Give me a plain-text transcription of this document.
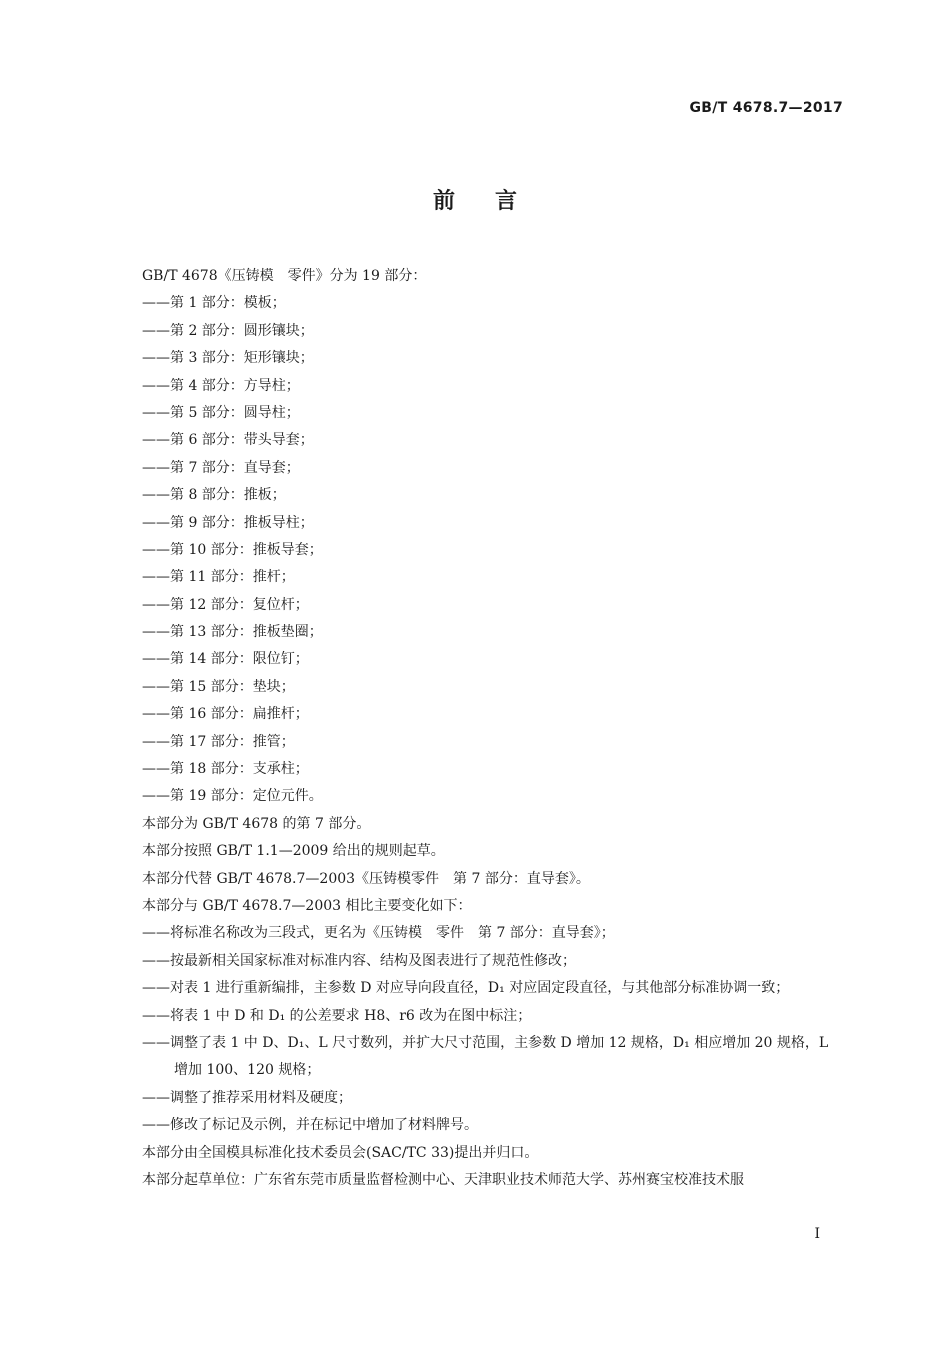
GB/T 4678.7—2017
前言
GB/T 4678《压铸模　零件》分为 19 部分：
——第 1 部分：模板；
——第 2 部分：圆形镶块；
——第 3 部分：矩形镶块；
——第 4 部分：方导柱；
——第 5 部分：圆导柱；
——第 6 部分：带头导套；
——第 7 部分：直导套；
——第 8 部分：推板；
——第 9 部分：推板导柱；
——第 10 部分：推板导套；
——第 11 部分：推杆；
——第 12 部分：复位杆；
——第 13 部分：推板垫圈；
——第 14 部分：限位钉；
——第 15 部分：垫块；
——第 16 部分：扁推杆；
——第 17 部分：推管；
——第 18 部分：支承柱；
——第 19 部分：定位元件。
本部分为 GB/T 4678 的第 7 部分。
本部分按照 GB/T 1.1—2009 给出的规则起草。
本部分代替 GB/T 4678.7—2003《压铸模零件　第 7 部分：直导套》。
本部分与 GB/T 4678.7—2003 相比主要变化如下：
——将标准名称改为三段式，更名为《压铸模　零件　第 7 部分：直导套》；
——按最新相关国家标准对标准内容、结构及图表进行了规范性修改；
——对表 1 进行重新编排，主参数 D 对应导向段直径，D₁ 对应固定段直径，与其他部分标准协调一致；
——将表 1 中 D 和 D₁ 的公差要求 H8、r6 改为在图中标注；
——调整了表 1 中 D、D₁、L 尺寸数列，并扩大尺寸范围，主参数 D 增加 12 规格，D₁ 相应增加 20 规格，L 增加 100、120 规格；
——调整了推荐采用材料及硬度；
——修改了标记及示例，并在标记中增加了材料牌号。
本部分由全国模具标准化技术委员会(SAC/TC 33)提出并归口。
本部分起草单位：广东省东莞市质量监督检测中心、天津职业技术师范大学、苏州赛宝校准技术服
I
